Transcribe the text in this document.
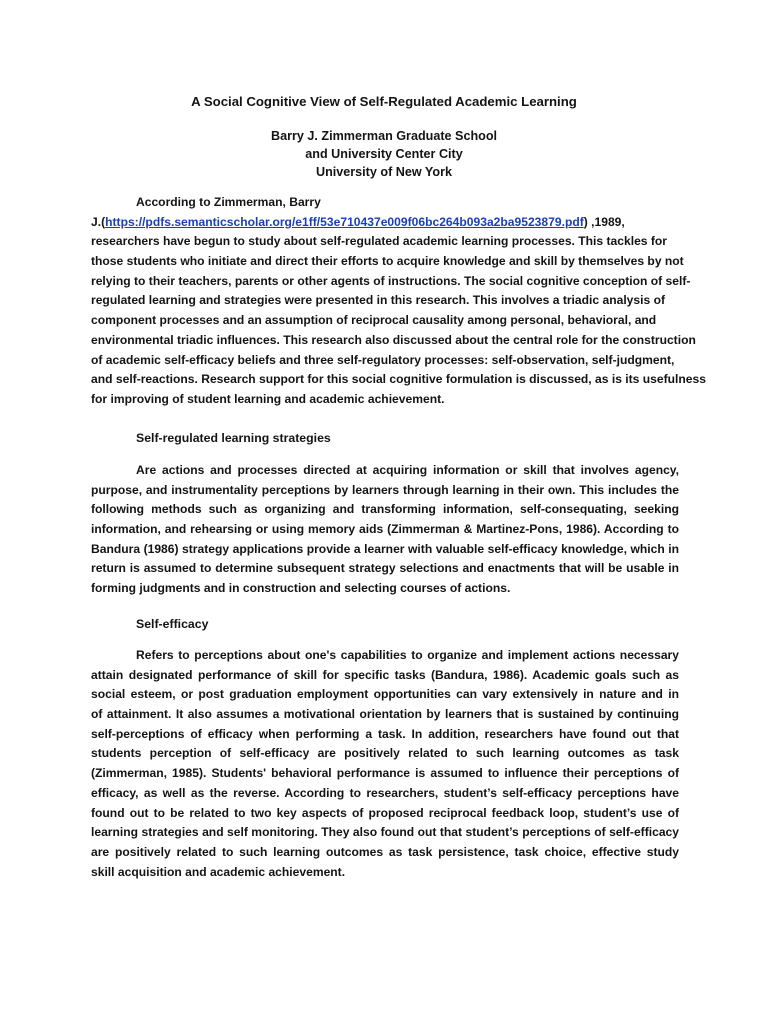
A Social Cognitive View of Self-Regulated Academic Learning
Barry J. Zimmerman Graduate School
and University Center City
University of New York
According to Zimmerman, Barry
J.(https://pdfs.semanticscholar.org/e1ff/53e710437e009f06bc264b093a2ba9523879.pdf) ,1989,
researchers have begun to study about self-regulated academic learning processes. This tackles for
those students who initiate and direct their efforts to acquire knowledge and skill by themselves by not
relying to their teachers, parents or other agents of instructions. The social cognitive conception of self-
regulated learning and strategies were presented in this research. This involves a triadic analysis of
component processes and an assumption of reciprocal causality among personal, behavioral, and
environmental triadic influences. This research also discussed about the central role for the construction
of academic self-efficacy beliefs and three self-regulatory processes: self-observation, self-judgment,
and self-reactions. Research support for this social cognitive formulation is discussed, as is its usefulness
for improving of student learning and academic achievement.
Self-regulated learning strategies
Are actions and processes directed at acquiring information or skill that involves agency,
purpose, and instrumentality perceptions by learners through learning in their own. This includes the
following methods such as organizing and transforming information, self-consequating, seeking
information, and rehearsing or using memory aids (Zimmerman & Martinez-Pons, 1986). According to
Bandura (1986) strategy applications provide a learner with valuable self-efficacy knowledge, which in
return is assumed to determine subsequent strategy selections and enactments that will be usable in
forming judgments and in construction and selecting courses of actions.
Self-efficacy
Refers to perceptions about one's capabilities to organize and implement actions necessary
attain designated performance of skill for specific tasks (Bandura, 1986). Academic goals such as
social esteem, or post graduation employment opportunities can vary extensively in nature and in
of attainment. It also assumes a motivational orientation by learners that is sustained by continuing
self-perceptions of efficacy when performing a task. In addition, researchers have found out that
students perception of self-efficacy are positively related to such learning outcomes as task
(Zimmerman, 1985). Students' behavioral performance is assumed to influence their perceptions of
efficacy, as well as the reverse. According to researchers, student’s self-efficacy perceptions have
found out to be related to two key aspects of proposed reciprocal feedback loop, student’s use of
learning strategies and self monitoring. They also found out that student’s perceptions of self-efficacy
are positively related to such learning outcomes as task persistence, task choice, effective study
skill acquisition and academic achievement.
